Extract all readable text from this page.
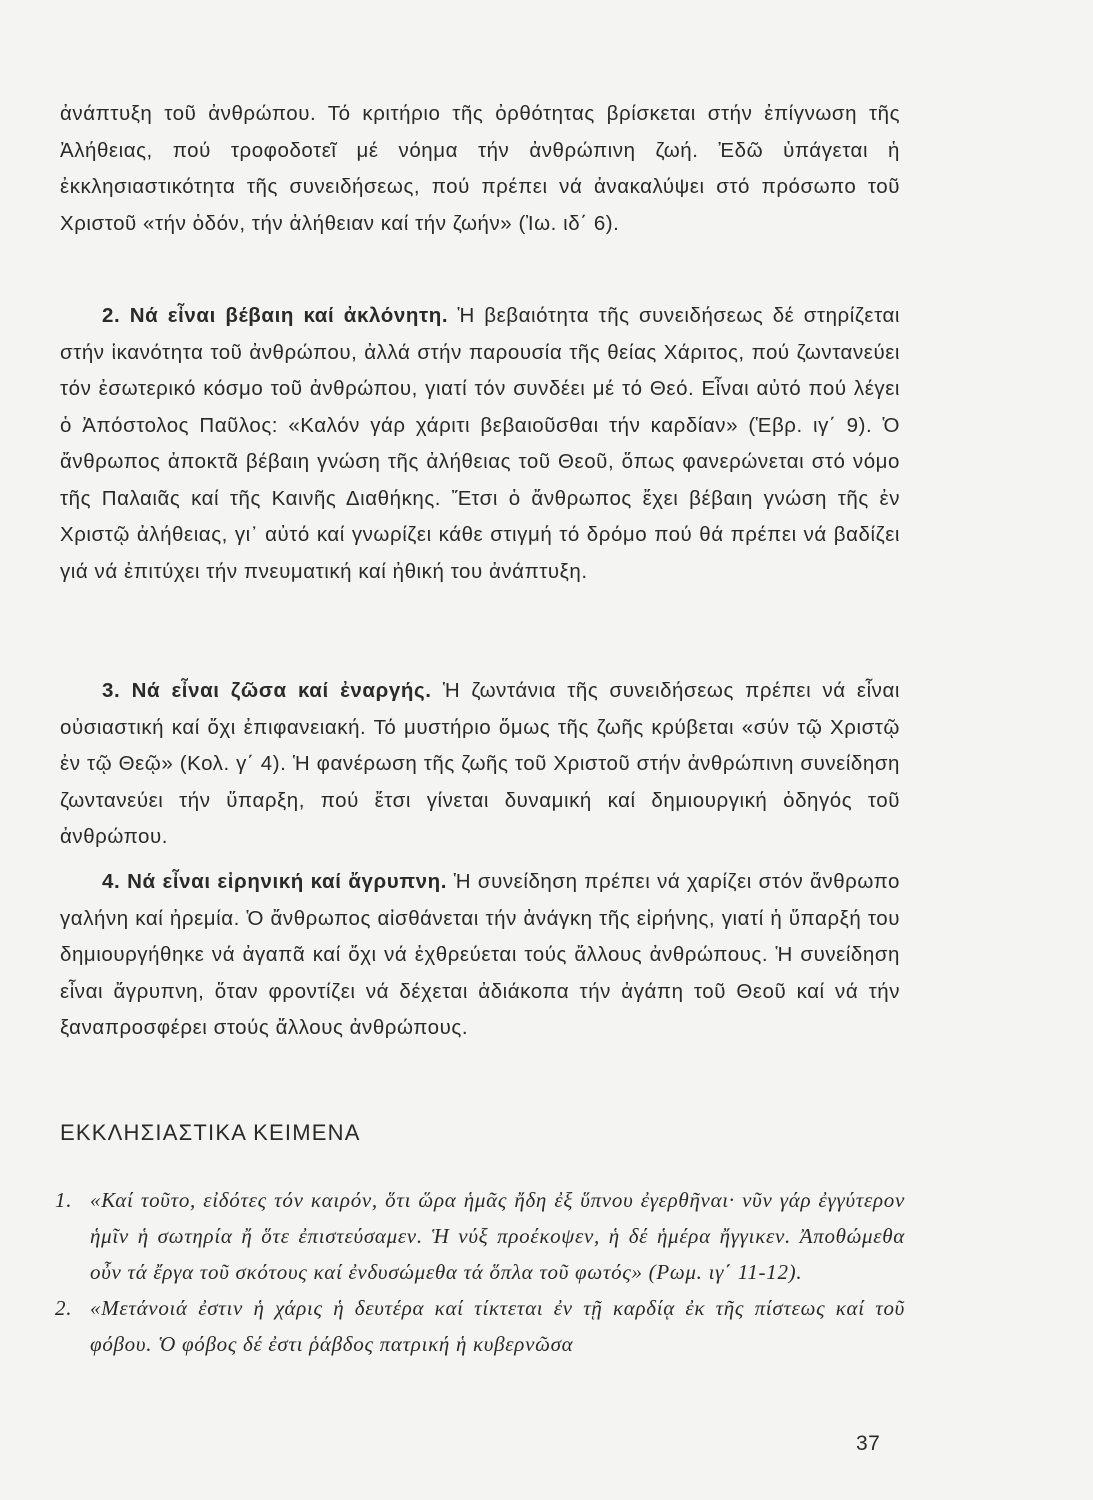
ἀνάπτυξη τοῦ ἀνθρώπου. Τό κριτήριο τῆς ὀρθότητας βρίσκεται στήν ἐπίγνωση τῆς Ἀλήθειας, πού τροφοδοτεῖ μέ νόημα τήν ἀνθρώπινη ζωή. Ἐδῶ ὑπάγεται ἡ ἐκκλησιαστικότητα τῆς συνειδήσεως, πού πρέπει νά ἀνακαλύψει στό πρόσωπο τοῦ Χριστοῦ «τήν ὁδόν, τήν ἀλήθειαν καί τήν ζωήν» (Ἰω. ιδ΄ 6).

2. Νά εἶναι βέβαιη καί ἀκλόνητη. Ἡ βεβαιότητα τῆς συνειδήσεως δέ στηρίζεται στήν ἱκανότητα τοῦ ἀνθρώπου, ἀλλά στήν παρουσία τῆς θείας Χάριτος, πού ζωντανεύει τόν ἐσωτερικό κόσμο τοῦ ἀνθρώπου, γιατί τόν συνδέει μέ τό Θεό. Εἶναι αὐτό πού λέγει ὁ Ἀπόστολος Παῦλος: «Καλόν γάρ χάριτι βεβαιοῦσθαι τήν καρδίαν» (Ἑβρ. ιγ΄ 9). Ὁ ἄνθρωπος ἀποκτᾶ βέβαιη γνώση τῆς ἀλήθειας τοῦ Θεοῦ, ὅπως φανερώνεται στό νόμο τῆς Παλαιᾶς καί τῆς Καινῆς Διαθήκης. Ἔτσι ὁ ἄνθρωπος ἔχει βέβαιη γνώση τῆς ἐν Χριστῷ ἀλήθειας, γι᾿ αὐτό καί γνωρίζει κάθε στιγμή τό δρόμο πού θά πρέπει νά βαδίζει γιά νά ἐπιτύχει τήν πνευματική καί ἠθική του ἀνάπτυξη.

3. Νά εἶναι ζῶσα καί ἐναργής. Ἡ ζωντάνια τῆς συνειδήσεως πρέπει νά εἶναι οὐσιαστική καί ὄχι ἐπιφανειακή. Τό μυστήριο ὅμως τῆς ζωῆς κρύβεται «σύν τῷ Χριστῷ ἐν τῷ Θεῷ» (Κολ. γ΄ 4). Ἡ φανέρωση τῆς ζωῆς τοῦ Χριστοῦ στήν ἀνθρώπινη συνείδηση ζωντανεύει τήν ὕπαρξη, πού ἔτσι γίνεται δυναμική καί δημιουργική ὁδηγός τοῦ ἀνθρώπου.

4. Νά εἶναι εἰρηνική καί ἄγρυπνη. Ἡ συνείδηση πρέπει νά χαρίζει στόν ἄνθρωπο γαλήνη καί ἠρεμία. Ὁ ἄνθρωπος αἰσθάνεται τήν ἀνάγκη τῆς εἰρήνης, γιατί ἡ ὕπαρξή του δημιουργήθηκε νά ἀγαπᾶ καί ὄχι νά ἐχθρεύεται τούς ἄλλους ἀνθρώπους. Ἡ συνείδηση εἶναι ἄγρυπνη, ὅταν φροντίζει νά δέχεται ἀδιάκοπα τήν ἀγάπη τοῦ Θεοῦ καί νά τήν ξαναπροσφέρει στούς ἄλλους ἀνθρώπους.

ΕΚΚΛΗΣΙΑΣΤΙΚΑ ΚΕΙΜΕΝΑ

1. «Καί τοῦτο, εἰδότες τόν καιρόν, ὅτι ὥρα ἡμᾶς ἤδη ἐξ ὕπνου ἐγερθῆναι· νῦν γάρ ἐγγύτερον ἡμῖν ἡ σωτηρία ἤ ὅτε ἐπιστεύσαμεν. Ἡ νύξ προέκοψεν, ἡ δέ ἡμέρα ἤγγικεν. Ἀποθώμεθα οὖν τά ἔργα τοῦ σκότους καί ἐνδυσώμεθα τά ὅπλα τοῦ φωτός» (Ρωμ. ιγ΄ 11-12).

2. «Μετάνοιά ἐστιν ἡ χάρις ἡ δευτέρα καί τίκτεται ἐν τῇ καρδίᾳ ἐκ τῆς πίστεως καί τοῦ φόβου. Ὁ φόβος δέ ἐστι ῥάβδος πατρική ἡ κυβερνῶσα

37
